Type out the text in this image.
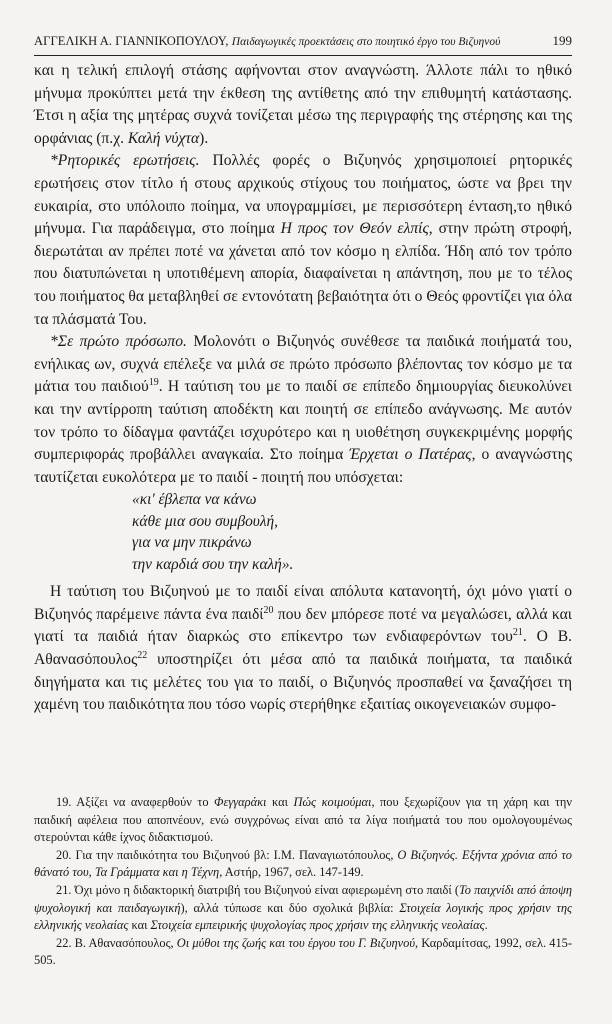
ΑΓΓΕΛΙΚΗ Α. ΓΙΑΝΝΙΚΟΠΟΥΛΟΥ, Παιδαγωγικές προεκτάσεις στο ποιητικό έργο του Βιζυηνού	199

και η τελική επιλογή στάσης αφήνονται στον αναγνώστη. Άλλοτε πάλι το ηθικό μήνυμα προκύπτει μετά την έκθεση της αντίθετης από την επιθυμητή κατάστασης. Έτσι η αξία της μητέρας συχνά τονίζεται μέσω της περιγραφής της στέρησης και της ορφάνιας (π.χ. Καλή νύχτα).

*Ρητορικές ερωτήσεις. Πολλές φορές ο Βιζυηνός χρησιμοποιεί ρητορικές ερωτήσεις στον τίτλο ή στους αρχικούς στίχους του ποιήματος, ώστε να βρει την ευκαιρία, στο υπόλοιπο ποίημα, να υπογραμμίσει, με περισσότερη ένταση,το ηθικό μήνυμα. Για παράδειγμα, στο ποίημα Η προς τον Θεόν ελπίς, στην πρώτη στροφή, διερωτάται αν πρέπει ποτέ να χάνεται από τον κόσμο η ελπίδα. Ήδη από τον τρόπο που διατυπώνεται η υποτιθέμενη απορία, διαφαίνεται η απάντηση, που με το τέλος του ποιήματος θα μεταβληθεί σε εντονότατη βεβαιότητα ότι ο Θεός φροντίζει για όλα τα πλάσματά Του.

*Σε πρώτο πρόσωπο. Μολονότι ο Βιζυηνός συνέθεσε τα παιδικά ποιήματά του, ενήλικας ων, συχνά επέλεξε να μιλά σε πρώτο πρόσωπο βλέποντας τον κόσμο με τα μάτια του παιδιού$^{19}$. Η ταύτιση του με το παιδί σε επίπεδο δημιουργίας διευκολύνει και την αντίρροπη ταύτιση αποδέκτη και ποιητή σε επίπεδο ανάγνωσης. Με αυτόν τον τρόπο το δίδαγμα φαντάζει ισχυρότερο και η υιοθέτηση συγκεκριμένης μορφής συμπεριφοράς προβάλλει αναγκαία. Στο ποίημα Έρχεται ο Πατέρας, ο αναγνώστης ταυτίζεται ευκολότερα με το παιδί - ποιητή που υπόσχεται:

«κι' έβλεπα να κάνω
κάθε μια σου συμβουλή,
για να μην πικράνω
την καρδιά σου την καλή».

Η ταύτιση του Βιζυηνού με το παιδί είναι απόλυτα κατανοητή, όχι μόνο γιατί ο Βιζυηνός παρέμεινε πάντα ένα παιδί$^{20}$ που δεν μπόρεσε ποτέ να μεγαλώσει, αλλά και γιατί τα παιδιά ήταν διαρκώς στο επίκεντρο των ενδιαφερόντων του$^{21}$. Ο Β. Αθανασόπουλος$^{22}$ υποστηρίζει ότι μέσα από τα παιδικά ποιήματα, τα παιδικά διηγήματα και τις μελέτες του για το παιδί, ο Βιζυηνός προσπαθεί να ξαναζήσει τη χαμένη του παιδικότητα που τόσο νωρίς στερήθηκε εξαιτίας οικογενειακών συμφο-

19. Αξίζει να αναφερθούν το Φεγγαράκι και Πώς κοιμούμαι, που ξεχωρίζουν για τη χάρη και την παιδική αφέλεια που αποπνέουν, ενώ συγχρόνως είναι από τα λίγα ποιήματά του που ομολογουμένως στερούνται κάθε ίχνος διδακτισμού.

20. Για την παιδικότητα του Βιζυηνού βλ: Ι.Μ. Παναγιωτόπουλος, Ο Βιζυηνός. Εξήντα χρόνια από το θάνατό του, Τα Γράμματα και η Τέχνη, Αστήρ, 1967, σελ. 147-149.

21. Όχι μόνο η διδακτορική διατριβή του Βιζυηνού είναι αφιερωμένη στο παιδί (Το παιχνίδι από άποψη ψυχολογική και παιδαγωγική), αλλά τύπωσε και δύο σχολικά βιβλία: Στοιχεία λογικής προς χρήσιν της ελληνικής νεολαίας και Στοιχεία εμπειρικής ψυχολογίας προς χρήσιν της ελληνικής νεολαίας.

22. Β. Αθανασόπουλος, Οι μύθοι της ζωής και του έργου του Γ. Βιζυηνού, Καρδαμίτσας, 1992, σελ. 415-505.
